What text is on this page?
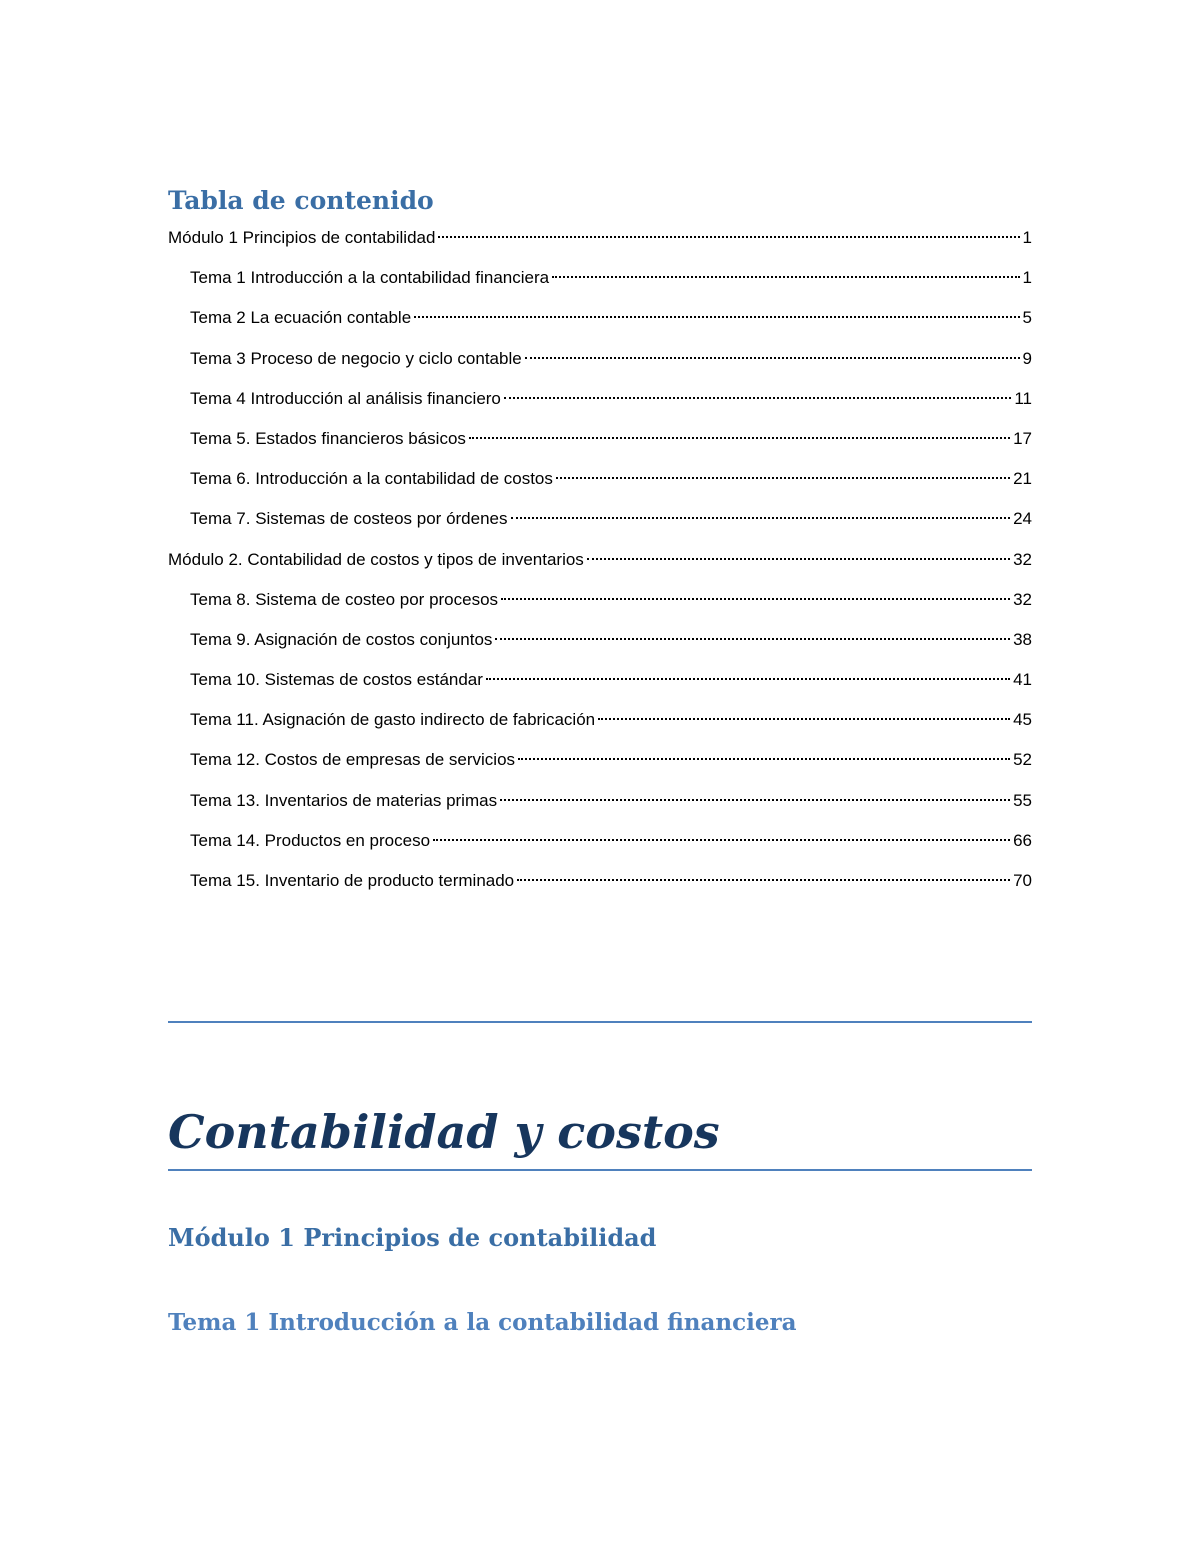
Tabla de contenido
Módulo 1 Principios de contabilidad	1
Tema 1 Introducción a la contabilidad financiera	1
Tema 2 La ecuación contable	5
Tema 3 Proceso de negocio y ciclo contable	9
Tema 4 Introducción al análisis financiero	11
Tema 5. Estados financieros básicos	17
Tema 6. Introducción a la contabilidad de costos	21
Tema 7. Sistemas de costeos por órdenes	24
Módulo 2. Contabilidad de costos y tipos de inventarios	32
Tema 8. Sistema de costeo por procesos	32
Tema 9. Asignación de costos conjuntos	38
Tema 10. Sistemas de costos estándar	41
Tema 11. Asignación de gasto indirecto de fabricación	45
Tema 12. Costos de empresas de servicios	52
Tema 13. Inventarios de materias primas	55
Tema 14. Productos en proceso	66
Tema 15. Inventario de producto terminado	70
Contabilidad y costos
Módulo 1 Principios de contabilidad
Tema 1 Introducción a la contabilidad financiera
